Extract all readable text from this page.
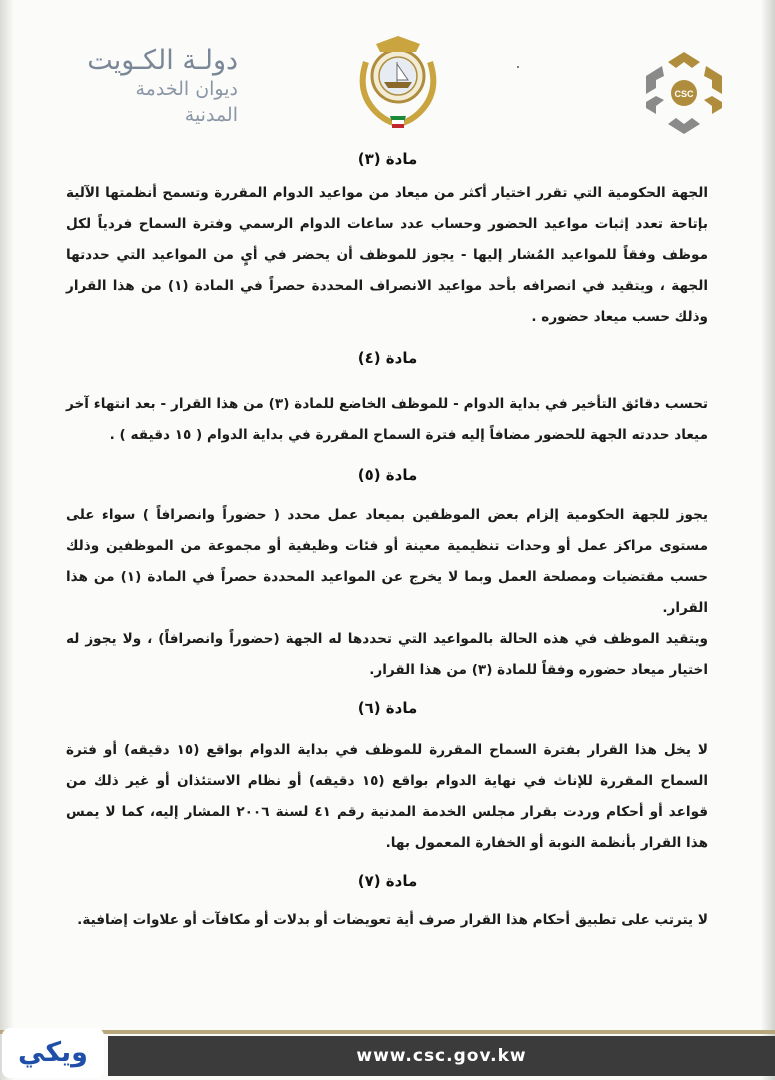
دولـة الكـويت
ديوان الخدمة المدنية
CSC
مادة (٣)

الجهة الحكومية التي تقرر اختيار أكثر من ميعاد من مواعيد الدوام المقررة وتسمح أنظمتها الآلية بإتاحة تعدد إثبات مواعيد الحضور وحساب عدد ساعات الدوام الرسمي وفترة السماح فردياً لكل موظف وفقاً للمواعيد المُشار إليها - يجوز للموظف أن يحضر في أيٍ من المواعيد التي حددتها الجهة ، ويتقيد في انصرافه بأحد مواعيد الانصراف المحددة حصراً في المادة (١) من هذا القرار وذلك حسب ميعاد حضوره .

مادة (٤)

تحسب دقائق التأخير في بداية الدوام - للموظف الخاضع للمادة (٣) من هذا القرار - بعد انتهاء آخر ميعاد حددته الجهة للحضور مضافاً إليه فترة السماح المقررة في بداية الدوام ( ١٥ دقيقه ) .

مادة (٥)

يجوز للجهة الحكومية إلزام بعض الموظفين بميعاد عمل محدد ( حضوراً وانصرافاً ) سواء على مستوى مراكز عمل أو وحدات تنظيمية معينة أو فئات وظيفية أو مجموعة من الموظفين وذلك حسب مقتضيات ومصلحة العمل وبما لا يخرج عن المواعيد المحددة حصراً في المادة (١) من هذا القرار.

ويتقيد الموظف في هذه الحالة بالمواعيد التي تحددها له الجهة (حضوراً وانصرافاً) ، ولا يجوز له اختيار ميعاد حضوره وفقاً للمادة (٣) من هذا القرار.

مادة (٦)

لا يخل هذا القرار بفترة السماح المقررة للموظف في بداية الدوام بواقع (١٥ دقيقه) أو فترة السماح المقررة للإناث في نهاية الدوام بواقع (١٥ دقيقه) أو نظام الاستئذان أو غير ذلك من قواعد أو أحكام وردت بقرار مجلس الخدمة المدنية رقم ٤١ لسنة ٢٠٠٦ المشار إليه، كما لا يمس هذا القرار بأنظمة النوبة أو الخفارة المعمول بها.

مادة (٧)

لا يترتب على تطبيق أحكام هذا القرار صرف أية تعويضات أو بدلات أو مكافآت أو علاوات إضافية.

www.csc.gov.kw
ويكي
